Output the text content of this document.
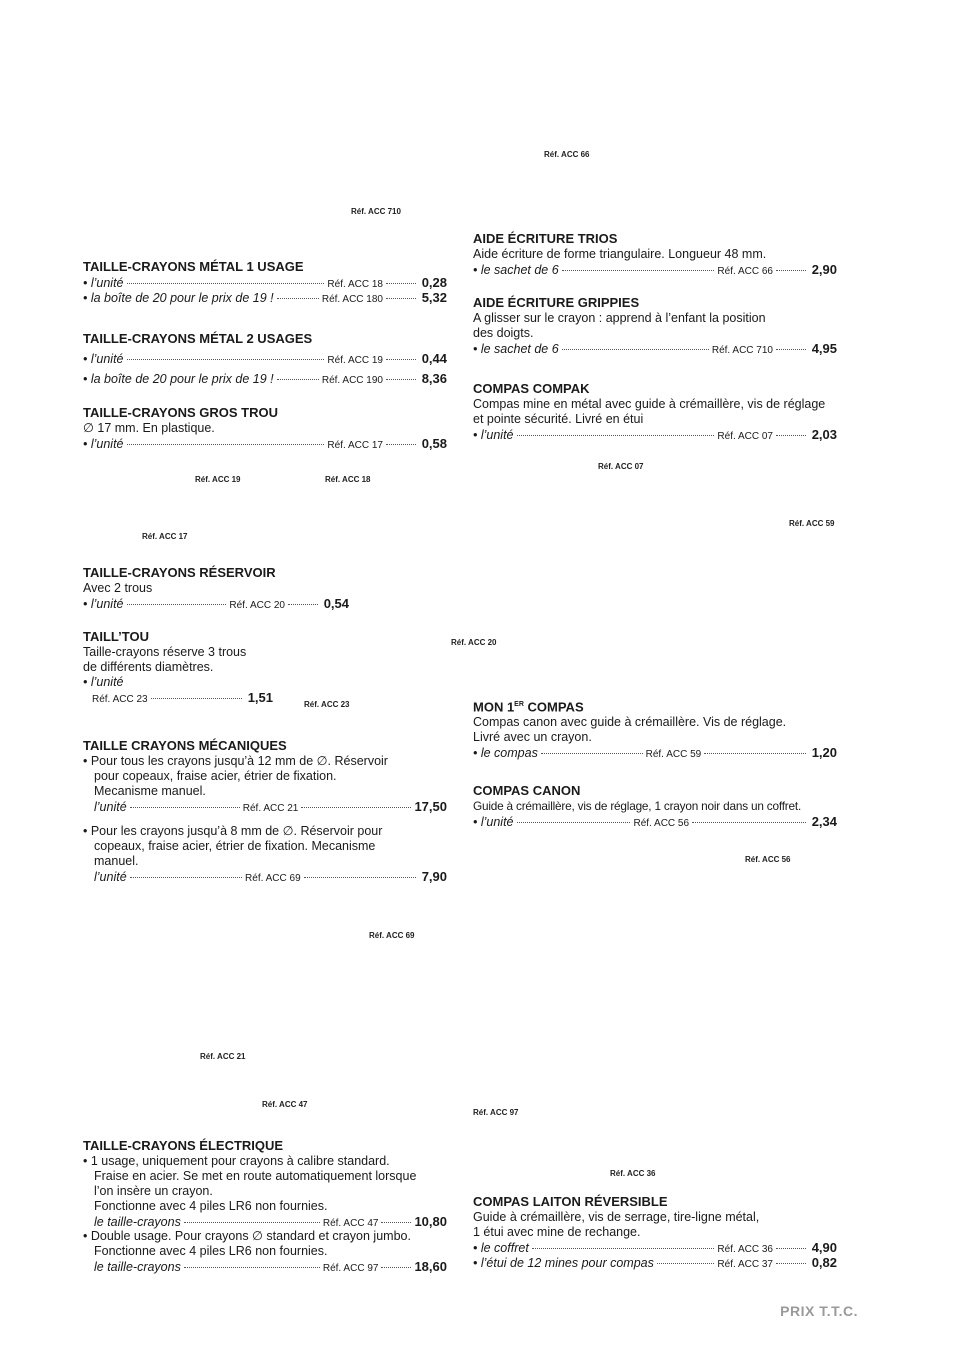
Réf. ACC 66
Réf. ACC 710
Réf. ACC 19	Réf. ACC 18
Réf. ACC 07
Réf. ACC 59
Réf. ACC 17
Réf. ACC 20
Réf. ACC 23
Réf. ACC 56
Réf. ACC 69
Réf. ACC 21
Réf. ACC 47
Réf. ACC 97
Réf. ACC 36
TAILLE-CRAYONS MÉTAL 1 USAGE
• l’unité	Réf. ACC 18	0,28
• la boîte de 20 pour le prix de 19 !	Réf. ACC 180	5,32
TAILLE-CRAYONS MÉTAL 2 USAGES
• l’unité	Réf. ACC 19	0,44
• la boîte de 20 pour le prix de 19 !	Réf. ACC 190	8,36
TAILLE-CRAYONS GROS TROU
∅ 17 mm. En plastique.
• l’unité	Réf. ACC 17	0,58
TAILLE-CRAYONS RÉSERVOIR
Avec 2 trous
• l’unité	Réf. ACC 20	0,54
TAILL’TOU
Taille-crayons réserve 3 trous
de différents diamètres.
• l’unité
Réf. ACC 23	1,51
TAILLE CRAYONS MÉCANIQUES
• Pour tous les crayons jusqu’à 12 mm de ∅. Réservoir
pour copeaux, fraise acier, étrier de fixation.
Mecanisme manuel.
l’unité	Réf. ACC 21	17,50
• Pour les crayons jusqu’à 8 mm de ∅. Réservoir pour
copeaux, fraise acier, étrier de fixation. Mecanisme
manuel.
l’unité	Réf. ACC 69	7,90
TAILLE-CRAYONS ÉLECTRIQUE
• 1 usage, uniquement pour crayons à calibre standard.
Fraise en acier. Se met en route automatiquement lorsque
l’on insère un crayon.
Fonctionne avec 4 piles LR6 non fournies.
le taille-crayons	Réf. ACC 47	10,80
• Double usage. Pour crayons ∅ standard et crayon jumbo.
Fonctionne avec 4 piles LR6 non fournies.
le taille-crayons	Réf. ACC 97	18,60
AIDE ÉCRITURE TRIOS
Aide écriture de forme triangulaire. Longueur 48 mm.
• le sachet de 6	Réf. ACC 66	2,90
AIDE ÉCRITURE GRIPPIES
A glisser sur le crayon : apprend à l’enfant la position
des doigts.
• le sachet de 6	Réf. ACC 710	4,95
COMPAS COMPAK
Compas mine en métal avec guide à crémaillère, vis de réglage
et pointe sécurité. Livré en étui
• l’unité	Réf. ACC 07	2,03
MON 1ER COMPAS
Compas canon avec guide à crémaillère. Vis de réglage.
Livré avec un crayon.
• le compas	Réf. ACC 59	1,20
COMPAS CANON
Guide à crémaillère, vis de réglage, 1 crayon noir dans un coffret.
• l’unité	Réf. ACC 56	2,34
COMPAS LAITON RÉVERSIBLE
Guide à crémaillère, vis de serrage, tire-ligne métal,
1 étui avec mine de rechange.
• le coffret	Réf. ACC 36	4,90
• l’étui de 12 mines pour compas	Réf. ACC 37	0,82
PRIX T.T.C.
